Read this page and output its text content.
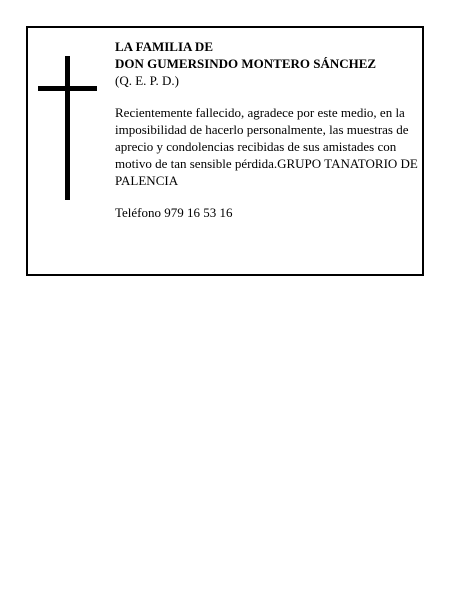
LA FAMILIA DE

DON GUMERSINDO MONTERO SÁNCHEZ

(Q. E. P. D.)

Recientemente fallecido, agradece por este medio, en la imposibilidad de hacerlo personalmente, las muestras de aprecio y condolencias recibidas de sus amistades con motivo de tan sensible pérdida.GRUPO TANATORIO DE PALENCIA

Teléfono 979 16 53 16
